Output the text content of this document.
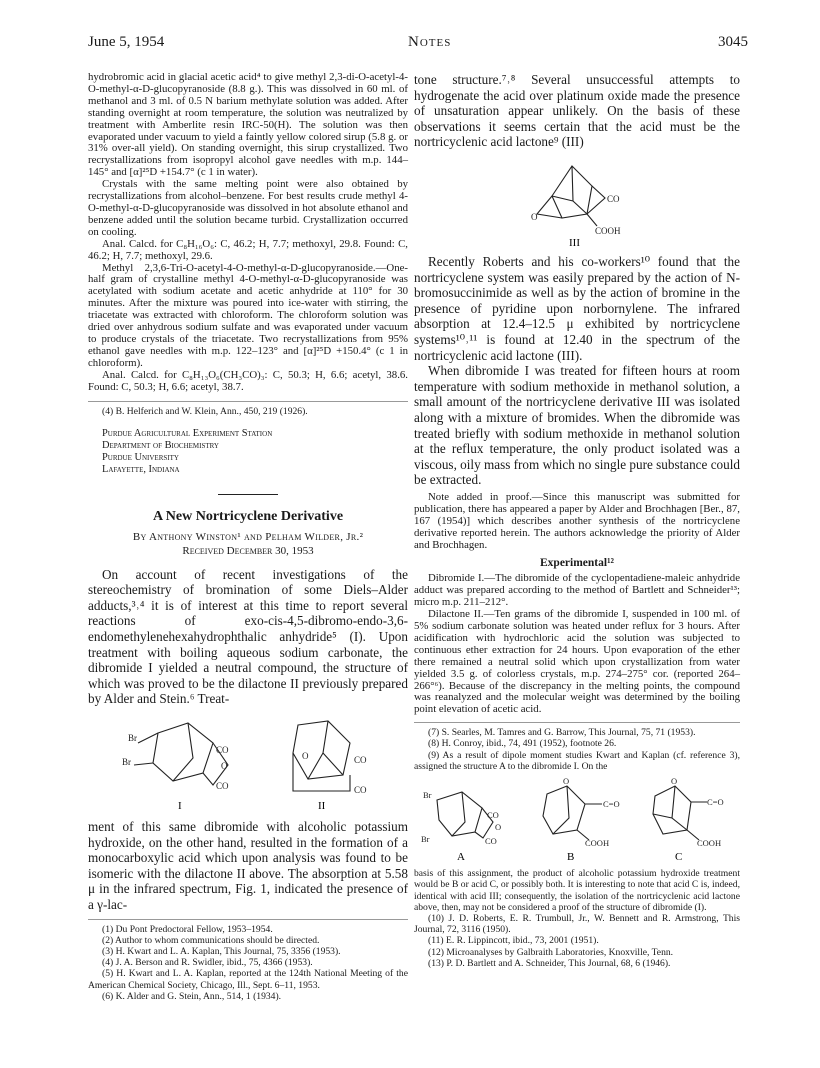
June 5, 1954	Notes	3045

hydrobromic acid in glacial acetic acid⁴ to give methyl 2,3-di-O-acetyl-4-O-methyl-α-D-glucopyranoside (8.8 g.). This was dissolved in 60 ml. of methanol and 3 ml. of 0.5 N barium methylate solution was added. After standing overnight at room temperature, the solution was neutralized by treatment with Amberlite resin IRC-50(H). The solution was then evaporated under vacuum to yield a faintly yellow colored sirup (5.8 g. or 31% over-all yield). On standing overnight, this sirup crystallized. Two recrystallizations from isopropyl alcohol gave needles with m.p. 144–145° and [α]²⁵D +154.7° (c 1 in water).

Crystals with the same melting point were also obtained by recrystallizations from alcohol–benzene. For best results crude methyl 4-O-methyl-α-D-glucopyranoside was dissolved in hot absolute ethanol and benzene added until the solution became turbid. Crystallization occurred on cooling.

Anal. Calcd. for C₈H₁₆O₆: C, 46.2; H, 7.7; methoxyl, 29.8. Found: C, 46.2; H, 7.7; methoxyl, 29.6.

Methyl 2,3,6-Tri-O-acetyl-4-O-methyl-α-D-glucopyranoside.—One-half gram of crystalline methyl 4-O-methyl-α-D-glucopyranoside was acetylated with sodium acetate and acetic anhydride at 110° for 30 minutes. After the mixture was poured into ice-water with stirring, the triacetate was extracted with chloroform. The chloroform solution was dried over anhydrous sodium sulfate and was evaporated under vacuum to produce crystals of the triacetate. Two recrystallizations from 95% ethanol gave needles with m.p. 122–123° and [α]²⁵D +150.4° (c 1 in chloroform).

Anal. Calcd. for C₈H₁₃O₆(CH₃CO)₃: C, 50.3; H, 6.6; acetyl, 38.6. Found: C, 50.3; H, 6.6; acetyl, 38.7.

(4) B. Helferich and W. Klein, Ann., 450, 219 (1926).

Purdue Agricultural Experiment Station
Department of Biochemistry
Purdue University
Lafayette, Indiana

A New Nortricyclene Derivative

By Anthony Winston¹ and Pelham Wilder, Jr.²

Received December 30, 1953

On account of recent investigations of the stereochemistry of bromination of some Diels–Alder adducts,³˒⁴ it is of interest at this time to report several reactions of exo-cis-4,5-dibromo-endo-3,6-endomethylenehexahydrophthalic anhydride⁵ (I). Upon treatment with boiling aqueous sodium carbonate, the dibromide I yielded a neutral compound, the structure of which was proved to be the dilactone II previously prepared by Alder and Stein.⁶ Treat-

Br
Br
CO
O
CO
O	CO
CO
I	II

ment of this same dibromide with alcoholic potassium hydroxide, on the other hand, resulted in the formation of a monocarboxylic acid which upon analysis was found to be isomeric with the dilactone II above. The absorption at 5.58 μ in the infrared spectrum, Fig. 1, indicated the presence of a γ-lac-

(1) Du Pont Predoctoral Fellow, 1953–1954.

(2) Author to whom communications should be directed.

(3) H. Kwart and L. A. Kaplan, This Journal, 75, 3356 (1953).

(4) J. A. Berson and R. Swidler, ibid., 75, 4366 (1953).

(5) H. Kwart and L. A. Kaplan, reported at the 124th National Meeting of the American Chemical Society, Chicago, Ill., Sept. 6–11, 1953.

(6) K. Alder and G. Stein, Ann., 514, 1 (1934).

tone structure.⁷˒⁸ Several unsuccessful attempts to hydrogenate the acid over platinum oxide made the presence of unsaturation appear unlikely. On the basis of these observations it seems certain that the acid must be the nortricyclenic acid lactone⁹ (III)

O
CO
COOH
III

Recently Roberts and his co-workers¹⁰ found that the nortricyclene system was easily prepared by the action of N-bromosuccinimide as well as by the action of bromine in the presence of pyridine upon norbornylene. The infrared absorption at 12.4–12.5 μ exhibited by nortricyclene systems¹⁰˒¹¹ is found at 12.40 in the spectrum of the nortricyclenic acid lactone (III).

When dibromide I was treated for fifteen hours at room temperature with sodium methoxide in methanol solution, a small amount of the nortricyclene derivative III was isolated along with a mixture of bromides. When the dibromide was treated briefly with sodium methoxide in methanol solution at the reflux temperature, the only product isolated was a viscous, oily mass from which no single pure substance could be extracted.

Note added in proof.—Since this manuscript was submitted for publication, there has appeared a paper by Alder and Brochhagen [Ber., 87, 167 (1954)] which describes another synthesis of the nortricyclene derivative reported herein. The authors acknowledge the priority of Alder and Brochhagen.

Experimental¹²

Dibromide I.—The dibromide of the cyclopentadiene-maleic anhydride adduct was prepared according to the method of Bartlett and Schneider¹³; micro m.p. 211–212°.

Dilactone II.—Ten grams of the dibromide I, suspended in 100 ml. of 5% sodium carbonate solution was heated under reflux for 3 hours. After acidification with hydrochloric acid the solution was subjected to continuous ether extraction for 24 hours. Upon evaporation of the ether there remained a neutral solid which upon crystallization from water yielded 3.5 g. of colorless crystals, m.p. 274–275° cor. (reported 264–266°⁶). Because of the discrepancy in the melting points, the compound was reanalyzed and the molecular weight was determined by the boiling point elevation of acetic acid.

(7) S. Searles, M. Tamres and G. Barrow, This Journal, 75, 71 (1953).

(8) H. Conroy, ibid., 74, 491 (1952), footnote 26.

(9) As a result of dipole moment studies Kwart and Kaplan (cf. reference 3), assigned the structure A to the dibromide I. On the

Br
Br
CO
O
CO
O
C=O
COOH
O
C=O
COOH
A	B	C

basis of this assignment, the product of alcoholic potassium hydroxide treatment would be B or acid C, or possibly both. It is interesting to note that acid C is, indeed, identical with acid III; consequently, the isolation of the nortricyclenic acid lactone above, then, may not be considered a proof of the structure of dibromide (I).

(10) J. D. Roberts, E. R. Trumbull, Jr., W. Bennett and R. Armstrong, This Journal, 72, 3116 (1950).

(11) E. R. Lippincott, ibid., 73, 2001 (1951).

(12) Microanalyses by Galbraith Laboratories, Knoxville, Tenn.

(13) P. D. Bartlett and A. Schneider, This Journal, 68, 6 (1946).
